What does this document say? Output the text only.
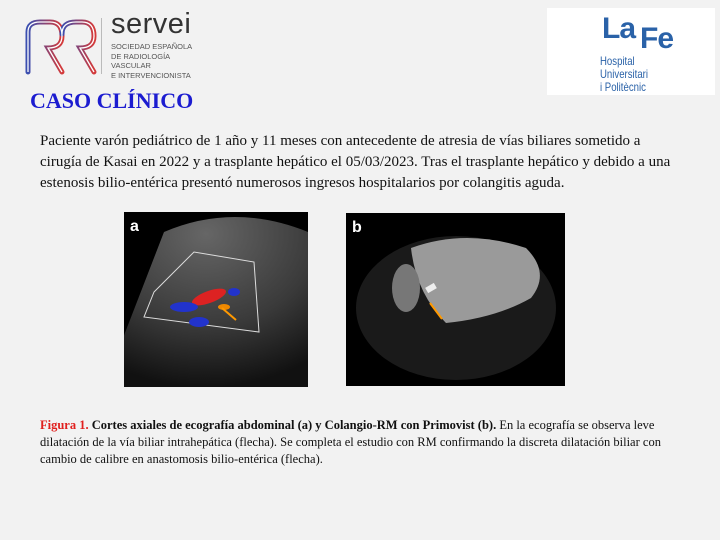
servei
SOCIEDAD ESPAÑOLA
DE RADIOLOGÍA
VASCULAR
E INTERVENCIONISTA
La Fe
Hospital
Universitari
i Politècnic
CASO CLÍNICO
Paciente varón pediátrico de 1 año y 11 meses con antecedente de atresia de vías biliares sometido a cirugía de Kasai en 2022 y a trasplante hepático el 05/03/2023. Tras el trasplante hepático y debido a una estenosis bilio-entérica presentó numerosos ingresos hospitalarios por colangitis aguda.
a	b
Figura 1. Cortes axiales de ecografía abdominal (a) y Colangio-RM con Primovist (b). En la ecografía se observa leve dilatación de la vía biliar intrahepática (flecha). Se completa el estudio con RM confirmando la discreta dilatación biliar con cambio de calibre en anastomosis bilio-entérica (flecha).
